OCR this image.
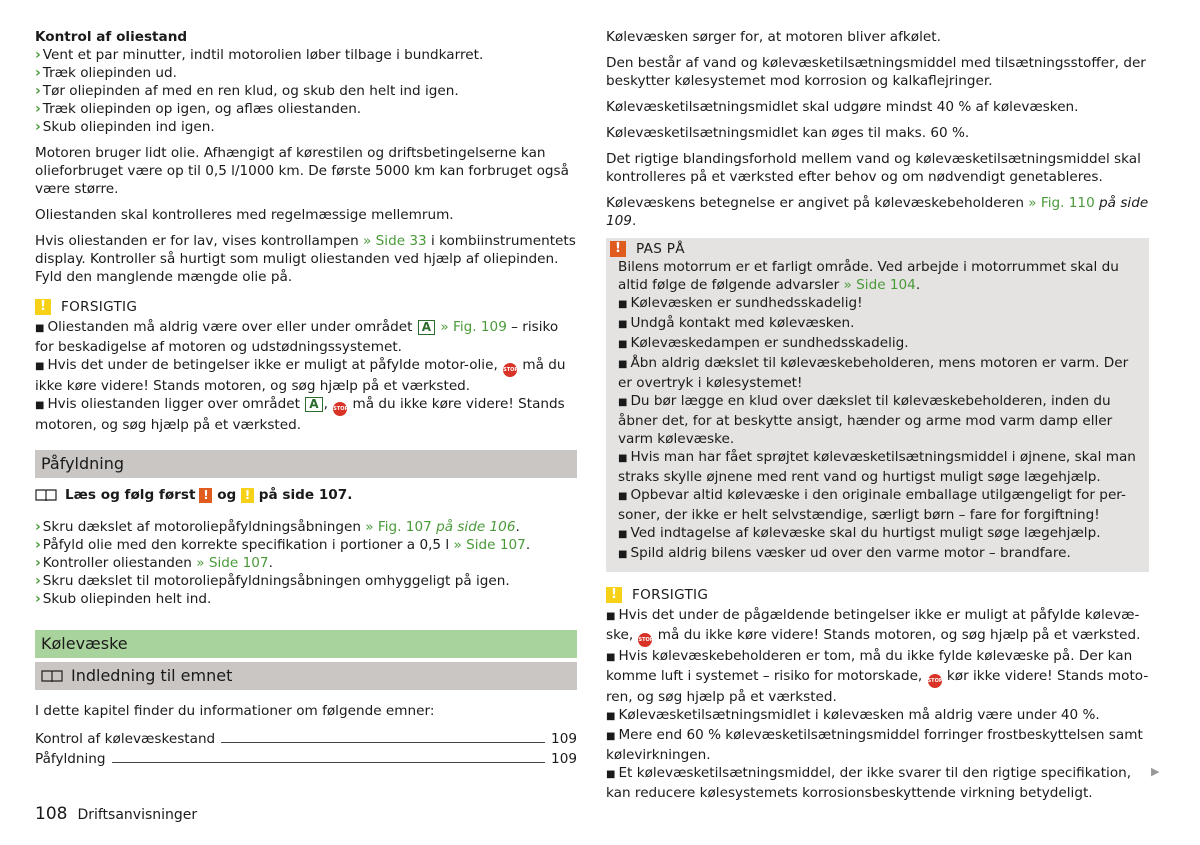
Kontrol af oliestand
› Vent et par minutter, indtil motorolien løber tilbage i bundkarret.
› Træk oliepinden ud.
› Tør oliepinden af med en ren klud, og skub den helt ind igen.
› Træk oliepinden op igen, og aflæs oliestanden.
› Skub oliepinden ind igen.

Motoren bruger lidt olie. Afhængigt af kørestilen og driftsbetingelserne kan olieforbruget være op til 0,5 l/1000 km. De første 5000 km kan forbruget også være større.

Oliestanden skal kontrolleres med regelmæssige mellemrum.

Hvis oliestanden er for lav, vises kontrollampen » Side 33 i kombiinstrumentets display. Kontroller så hurtigt som muligt oliestanden ved hjælp af oliepinden. Fyld den manglende mængde olie på.

!	FORSIGTIG
■ Oliestanden må aldrig være over eller under området A » Fig. 109 – risiko for beskadigelse af motoren og udstødningssystemet.
■ Hvis det under de betingelser ikke er muligt at påfylde motor-olie, STOP må du ikke køre videre! Stands motoren, og søg hjælp på et værksted.
■ Hvis oliestanden ligger over området A , STOP må du ikke køre videre! Stands motoren, og søg hjælp på et værksted.
Påfyldning
Læs og følg først ! og ! på side 107.
› Skru dækslet af motoroliepåfyldningsåbningen » Fig. 107 på side 106.
› Påfyld olie med den korrekte specifikation i portioner a 0,5 l » Side 107.
› Kontroller oliestanden » Side 107.
› Skru dækslet til motoroliepåfyldningsåbningen omhyggeligt på igen.
› Skub oliepinden helt ind.
Kølevæske
Indledning til emnet

I dette kapitel finder du informationer om følgende emner:

Kontrol af kølevæskestand	109
Påfyldning	109

Kølevæsken sørger for, at motoren bliver afkølet.

Den består af vand og kølevæsketilsætningsmiddel med tilsætningsstoffer, der beskytter kølesystemet mod korrosion og kalkaflejringer.

Kølevæsketilsætningsmidlet skal udgøre mindst 40 % af kølevæsken.

Kølevæsketilsætningsmidlet kan øges til maks. 60 %.

Det rigtige blandingsforhold mellem vand og kølevæsketilsætningsmiddel skal kontrolleres på et værksted efter behov og om nødvendigt genetableres.

Kølevæskens betegnelse er angivet på kølevæskebeholderen » Fig. 110 på side 109.

!	PAS PÅ
Bilens motorrum er et farligt område. Ved arbejde i motorrummet skal du altid følge de følgende advarsler » Side 104.
■ Kølevæsken er sundhedsskadelig!
■ Undgå kontakt med kølevæsken.
■ Kølevæskedampen er sundhedsskadelig.
■ Åbn aldrig dækslet til kølevæskebeholderen, mens motoren er varm. Der er overtryk i kølesystemet!
■ Du bør lægge en klud over dækslet til kølevæskebeholderen, inden du åbner det, for at beskytte ansigt, hænder og arme mod varm damp eller varm kølevæske.
■ Hvis man har fået sprøjtet kølevæsketilsætningsmiddel i øjnene, skal man straks skylle øjnene med rent vand og hurtigst muligt søge lægehjælp.
■ Opbevar altid kølevæske i den originale emballage utilgængeligt for per-soner, der ikke er helt selvstændige, særligt børn – fare for forgiftning!
■ Ved indtagelse af kølevæske skal du hurtigst muligt søge lægehjælp.
■ Spild aldrig bilens væsker ud over den varme motor – brandfare.
!	FORSIGTIG
■ Hvis det under de pågældende betingelser ikke er muligt at påfylde kølevæ-ske, STOP må du ikke køre videre! Stands motoren, og søg hjælp på et værksted.
■ Hvis kølevæskebeholderen er tom, må du ikke fylde kølevæske på. Der kan komme luft i systemet – risiko for motorskade, STOP kør ikke videre! Stands moto-ren, og søg hjælp på et værksted.
■ Kølevæsketilsætningsmidlet i kølevæsken må aldrig være under 40 %.
■ Mere end 60 % kølevæsketilsætningsmiddel forringer frostbeskyttelsen samt kølevirkningen.
■ Et kølevæsketilsætningsmiddel, der ikke svarer til den rigtige specifikation, kan reducere kølesystemets korrosionsbeskyttende virkning betydeligt.
▶
108 Driftsanvisninger
